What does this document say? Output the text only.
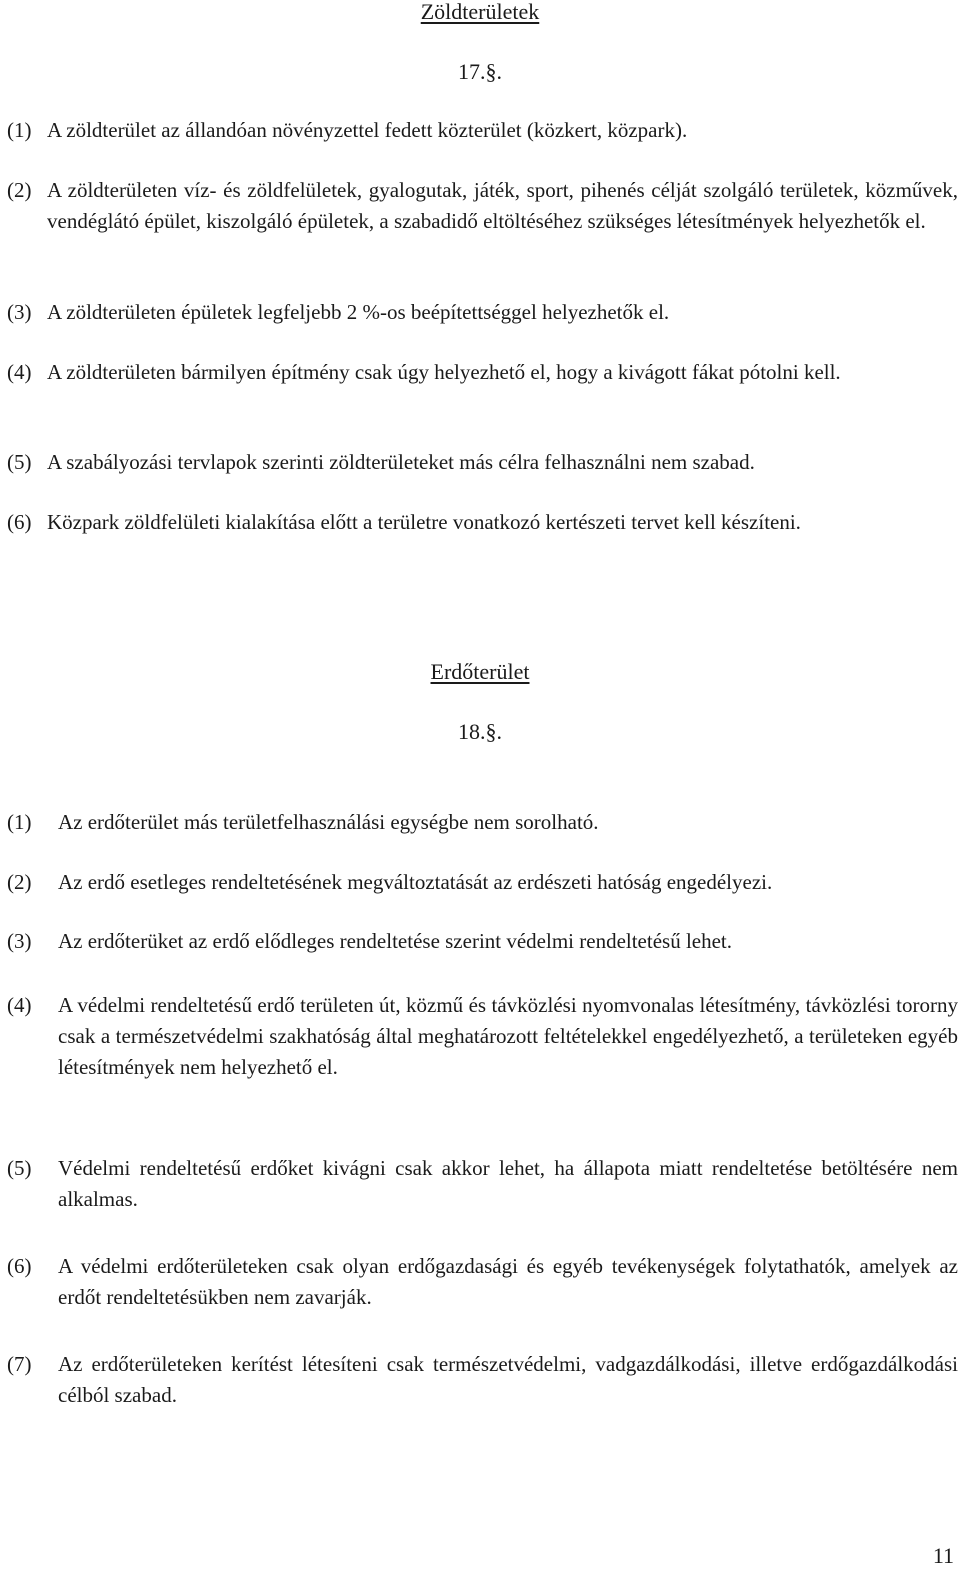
Zöldterületek
17.§.
(1) A zöldterület az állandóan növényzettel fedett közterület (közkert, közpark).
(2) A zöldterületen víz- és zöldfelületek, gyalogutak, játék, sport, pihenés célját szolgáló területek, közművek, vendéglátó épület, kiszolgáló épületek, a szabadidő eltöltéséhez szükséges létesítmények helyezhetők el.
(3) A zöldterületen épületek legfeljebb 2 %-os beépítettséggel helyezhetők el.
(4) A zöldterületen bármilyen építmény csak úgy helyezhető el, hogy a kivágott fákat pótolni kell.
(5) A szabályozási tervlapok szerinti zöldterületeket más célra felhasználni nem szabad.
(6) Közpark zöldfelületi kialakítása előtt a területre vonatkozó kertészeti tervet kell készíteni.
Erdőterület
18.§.
(1) Az erdőterület más területfelhasználási egységbe nem sorolható.
(2) Az erdő esetleges rendeltetésének megváltoztatását az erdészeti hatóság engedélyezi.
(3) Az erdőterüket az erdő elődleges rendeltetése szerint védelmi rendeltetésű lehet.
(4) A védelmi rendeltetésű erdő területen út, közmű és távközlési nyomvonalas létesítmény, távközlési tororny csak a természetvédelmi szakhatóság által meghatározott feltételekkel engedélyezhető, a területeken egyéb létesítmények nem helyezhető el.
(5) Védelmi rendeltetésű erdőket kivágni csak akkor lehet, ha állapota miatt rendeltetése betöltésére nem alkalmas.
(6) A védelmi erdőterületeken csak olyan erdőgazdasági és egyéb tevékenységek folytathatók, amelyek az erdőt rendeltetésükben nem zavarják.
(7) Az erdőterületeken kerítést létesíteni csak természetvédelmi, vadgazdálkodási, illetve erdőgazdálkodási célból szabad.
11
